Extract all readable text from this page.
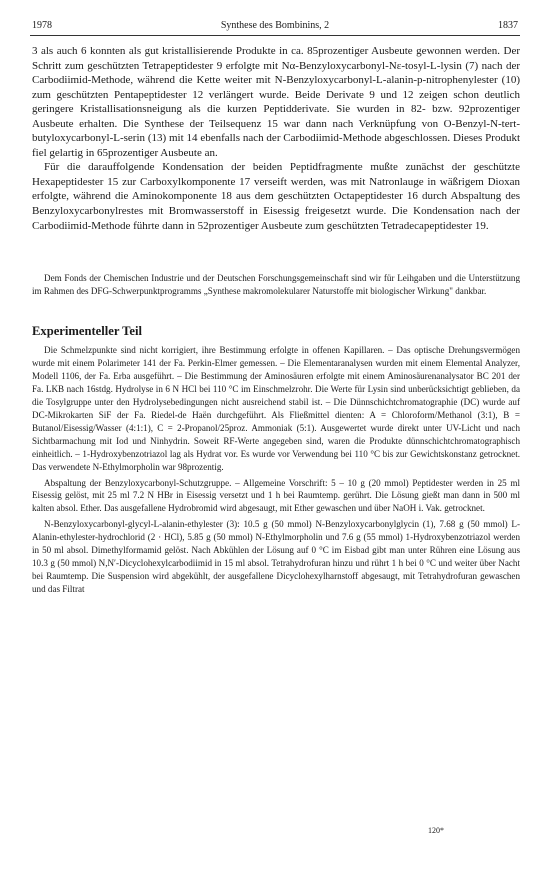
1978	Synthese des Bombinins, 2	1837

3 als auch 6 konnten als gut kristallisierende Produkte in ca. 85prozentiger Ausbeute gewonnen werden. Der Schritt zum geschützten Tetrapeptidester 9 erfolgte mit Nα-Benzyloxycarbonyl-Nε-tosyl-L-lysin (7) nach der Carbodiimid-Methode, während die Kette weiter mit N-Benzyloxycarbonyl-L-alanin-p-nitrophenylester (10) zum geschützten Pentapeptidester 12 verlängert wurde. Beide Derivate 9 und 12 zeigen schon deutlich geringere Kristallisationsneigung als die kurzen Peptidderivate. Sie wurden in 82- bzw. 92prozentiger Ausbeute erhalten. Die Synthese der Teilsequenz 15 war dann nach Verknüpfung von O-Benzyl-N-tert-butyloxycarbonyl-L-serin (13) mit 14 ebenfalls nach der Carbodiimid-Methode abgeschlossen. Dieses Produkt fiel gelartig in 65prozentiger Ausbeute an.

Für die darauffolgende Kondensation der beiden Peptidfragmente mußte zunächst der geschützte Hexapeptidester 15 zur Carboxylkomponente 17 verseift werden, was mit Natronlauge in wäßrigem Dioxan erfolgte, während die Aminokomponente 18 aus dem geschützten Octapeptidester 16 durch Abspaltung des Benzyloxycarbonylrestes mit Bromwasserstoff in Eisessig freigesetzt wurde. Die Kondensation nach der Carbodiimid-Methode führte dann in 52prozentiger Ausbeute zum geschützten Tetradecapeptidester 19.

Dem Fonds der Chemischen Industrie und der Deutschen Forschungsgemeinschaft sind wir für Leihgaben und die Unterstützung im Rahmen des DFG-Schwerpunktprogramms „Synthese makromolekularer Naturstoffe mit biologischer Wirkung" dankbar.
Experimenteller Teil

Die Schmelzpunkte sind nicht korrigiert, ihre Bestimmung erfolgte in offenen Kapillaren. – Das optische Drehungsvermögen wurde mit einem Polarimeter 141 der Fa. Perkin-Elmer gemessen. – Die Elementaranalysen wurden mit einem Elemental Analyzer, Modell 1106, der Fa. Erba ausgeführt. – Die Bestimmung der Aminosäuren erfolgte mit einem Aminosäurenanalysator BC 201 der Fa. LKB nach 16stdg. Hydrolyse in 6 N HCl bei 110 °C im Einschmelzrohr. Die Werte für Lysin sind unberücksichtigt geblieben, da die Tosylgruppe unter den Hydrolysebedingungen nicht ausreichend stabil ist. – Die Dünnschichtchromatographie (DC) wurde auf DC-Mikrokarten SiF der Fa. Riedel-de Haën durchgeführt. Als Fließmittel dienten: A = Chloroform/Methanol (3:1), B = Butanol/Eisessig/Wasser (4:1:1), C = 2-Propanol/25proz. Ammoniak (5:1). Ausgewertet wurde direkt unter UV-Licht und nach Sichtbarmachung mit Iod und Ninhydrin. Soweit RF-Werte angegeben sind, waren die Produkte dünnschichtchromatographisch einheitlich. – 1-Hydroxybenzotriazol lag als Hydrat vor. Es wurde vor Verwendung bei 110 °C bis zur Gewichtskonstanz getrocknet. Das verwendete N-Ethylmorpholin war 98prozentig.

Abspaltung der Benzyloxycarbonyl-Schutzgruppe. – Allgemeine Vorschrift: 5 – 10 g (20 mmol) Peptidester werden in 25 ml Eisessig gelöst, mit 25 ml 7.2 N HBr in Eisessig versetzt und 1 h bei Raumtemp. gerührt. Die Lösung gießt man dann in 500 ml kalten absol. Ether. Das ausgefallene Hydrobromid wird abgesaugt, mit Ether gewaschen und über NaOH i. Vak. getrocknet.

N-Benzyloxycarbonyl-glycyl-L-alanin-ethylester (3): 10.5 g (50 mmol) N-Benzyloxycarbonylglycin (1), 7.68 g (50 mmol) L-Alanin-ethylester-hydrochlorid (2 · HCl), 5.85 g (50 mmol) N-Ethylmorpholin und 7.6 g (55 mmol) 1-Hydroxybenzotriazol werden in 50 ml absol. Dimethylformamid gelöst. Nach Abkühlen der Lösung auf 0 °C im Eisbad gibt man unter Rühren eine Lösung aus 10.3 g (50 mmol) N,N′-Dicyclohexylcarbodiimid in 15 ml absol. Tetrahydrofuran hinzu und rührt 1 h bei 0 °C und weiter über Nacht bei Raumtemp. Die Suspension wird abgekühlt, der ausgefallene Dicyclohexylharnstoff abgesaugt, mit Tetrahydrofuran gewaschen und das Filtrat

120*
